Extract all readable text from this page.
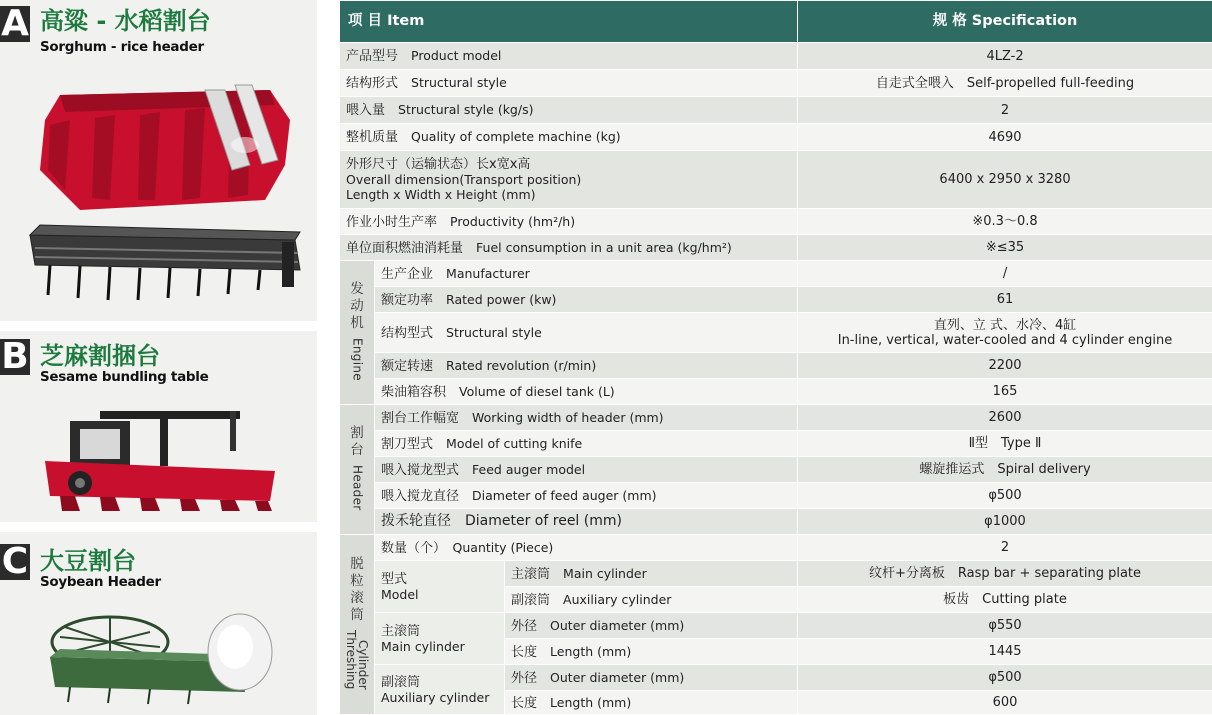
A 高粱 - 水稻割台
Sorghum - rice header
B 芝麻割捆台
Sesame bundling table
C 大豆割台
Soybean Header
项 目 Item			规 格 Specification
产品型号　 Product model			4LZ-2
结构形式　 Structural style			自走式全喂入　Self-propelled full-feeding
喂入量　 Structural style (kg/s)			2
整机质量　 Quality of complete machine (kg)			4690

外形尺寸（运输状态）长x宽x高
Overall dimension(Transport position)
Length x Width x Height (mm)			6400 x 2950 x 3280
作业小时生产率　 Productivity (hm²/h)			※0.3～0.8
单位面积燃油消耗量　 Fuel consumption in a unit area (kg/hm²)			※≤35

发动机
Engine	生产企业　 Manufacturer		/
	额定功率　 Rated power (kw)		61
	结构型式　 Structural style		直列、立 式、水冷、4缸
In-line, vertical, water-cooled and 4 cylinder engine

	额定转速　 Rated revolution (r/min)		2200
	柴油箱容积　 Volume of diesel tank (L)		165

割台
Header	割台工作幅宽　 Working width of header (mm)		2600
	割刀型式　 Model of cutting knife		Ⅱ型　Type Ⅱ
	喂入搅龙型式　 Feed auger model		螺旋推运式　Spiral delivery
	喂入搅龙直径　 Diameter of feed auger (mm)		φ500
	拨禾轮直径　 Diameter of reel (mm)		φ1000

脱粒滚筒
ThreshingCylinder	数量（个）　 Quantity (Piece)		2

	型式
Model	主滚筒　 Main cylinder	纹杆+分离板　Rasp bar + separating plate
		副滚筒　 Auxiliary cylinder	板齿　Cutting plate

	主滚筒
Main cylinder	外径　 Outer diameter (mm)	φ550
		长度　 Length (mm)	1445

	副滚筒
Auxiliary cylinder	外径　 Outer diameter (mm)	φ500
		长度　 Length (mm)	600
